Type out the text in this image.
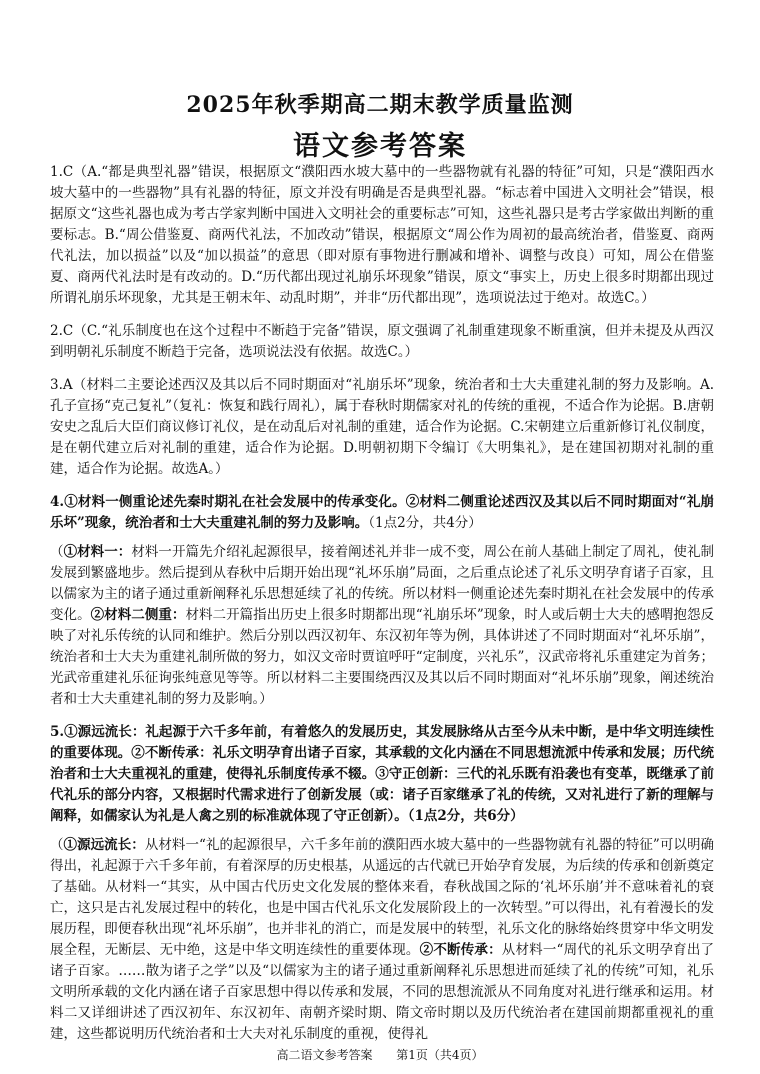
2025年秋季期高二期末教学质量监测
语文参考答案

1.C（A.“都是典型礼器”错误，根据原文“濮阳西水坡大墓中的一些器物就有礼器的特征”可知，只是“濮阳西水坡大墓中的一些器物”具有礼器的特征，原文并没有明确是否是典型礼器。“标志着中国进入文明社会”错误，根据原文“这些礼器也成为考古学家判断中国进入文明社会的重要标志”可知，这些礼器只是考古学家做出判断的重要标志。B.“周公借鉴夏、商两代礼法，不加改动”错误，根据原文“周公作为周初的最高统治者，借鉴夏、商两代礼法，加以损益”以及“加以损益”的意思（即对原有事物进行删减和增补、调整与改良）可知，周公在借鉴夏、商两代礼法时是有改动的。D.“历代都出现过礼崩乐坏现象”错误，原文“事实上，历史上很多时期都出现过所谓礼崩乐坏现象，尤其是王朝末年、动乱时期”，并非“历代都出现”，选项说法过于绝对。故选C。）

2.C（C.“礼乐制度也在这个过程中不断趋于完备”错误，原文强调了礼制重建现象不断重演，但并未提及从西汉到明朝礼乐制度不断趋于完备，选项说法没有依据。故选C。）

3.A（材料二主要论述西汉及其以后不同时期面对“礼崩乐坏”现象，统治者和士大夫重建礼制的努力及影响。A.孔子宣扬“克己复礼”（复礼：恢复和践行周礼），属于春秋时期儒家对礼的传统的重视，不适合作为论据。B.唐朝安史之乱后大臣们商议修订礼仪，是在动乱后对礼制的重建，适合作为论据。C.宋朝建立后重新修订礼仪制度，是在朝代建立后对礼制的重建，适合作为论据。D.明朝初期下令编订《大明集礼》，是在建国初期对礼制的重建，适合作为论据。故选A。）

4.①材料一侧重论述先秦时期礼在社会发展中的传承变化。②材料二侧重论述西汉及其以后不同时期面对“礼崩乐坏”现象，统治者和士大夫重建礼制的努力及影响。（1点2分，共4分）

（①材料一：材料一开篇先介绍礼起源很早，接着阐述礼并非一成不变，周公在前人基础上制定了周礼，使礼制发展到繁盛地步。然后提到从春秋中后期开始出现“礼坏乐崩”局面，之后重点论述了礼乐文明孕育诸子百家，且以儒家为主的诸子通过重新阐释礼乐思想延续了礼的传统。所以材料一侧重论述先秦时期礼在社会发展中的传承变化。②材料二侧重：材料二开篇指出历史上很多时期都出现“礼崩乐坏”现象，时人或后朝士大夫的感喟抱怨反映了对礼乐传统的认同和维护。然后分别以西汉初年、东汉初年等为例，具体讲述了不同时期面对“礼坏乐崩”，统治者和士大夫为重建礼制所做的努力，如汉文帝时贾谊呼吁“定制度，兴礼乐”，汉武帝将礼乐重建定为首务；光武帝重建礼乐征询张纯意见等等。所以材料二主要围绕西汉及其以后不同时期面对“礼坏乐崩”现象，阐述统治者和士大夫重建礼制的努力及影响。）

5.①源远流长：礼起源于六千多年前，有着悠久的发展历史，其发展脉络从古至今从未中断，是中华文明连续性的重要体现。②不断传承：礼乐文明孕育出诸子百家，其承载的文化内涵在不同思想流派中传承和发展；历代统治者和士大夫重视礼的重建，使得礼乐制度传承不辍。③守正创新：三代的礼乐既有沿袭也有变革，既继承了前代礼乐的部分内容，又根据时代需求进行了创新发展（或：诸子百家继承了礼的传统，又对礼进行了新的理解与阐释，如儒家认为礼是人禽之别的标准就体现了守正创新）。（1点2分，共6分）

（①源远流长：从材料一“礼的起源很早，六千多年前的濮阳西水坡大墓中的一些器物就有礼器的特征”可以明确得出，礼起源于六千多年前，有着深厚的历史根基，从遥远的古代就已开始孕育发展，为后续的传承和创新奠定了基础。从材料一“其实，从中国古代历史文化发展的整体来看，春秋战国之际的‘礼坏乐崩’并不意味着礼的衰亡，这只是古礼发展过程中的转化，也是中国古代礼乐文化发展阶段上的一次转型。”可以得出，礼有着漫长的发展历程，即便春秋出现“礼坏乐崩”，也并非礼的消亡，而是发展中的转型，礼乐文化的脉络始终贯穿中华文明发展全程，无断层、无中绝，这是中华文明连续性的重要体现。②不断传承：从材料一“周代的礼乐文明孕育出了诸子百家。……散为诸子之学”以及“以儒家为主的诸子通过重新阐释礼乐思想进而延续了礼的传统”可知，礼乐文明所承载的文化内涵在诸子百家思想中得以传承和发展，不同的思想流派从不同角度对礼进行继承和运用。材料二又详细讲述了西汉初年、东汉初年、南朝齐梁时期、隋文帝时期以及历代统治者在建国前期都重视礼的重建，这些都说明历代统治者和士大夫对礼乐制度的重视，使得礼

高二语文参考答案 第1页（共4页）
